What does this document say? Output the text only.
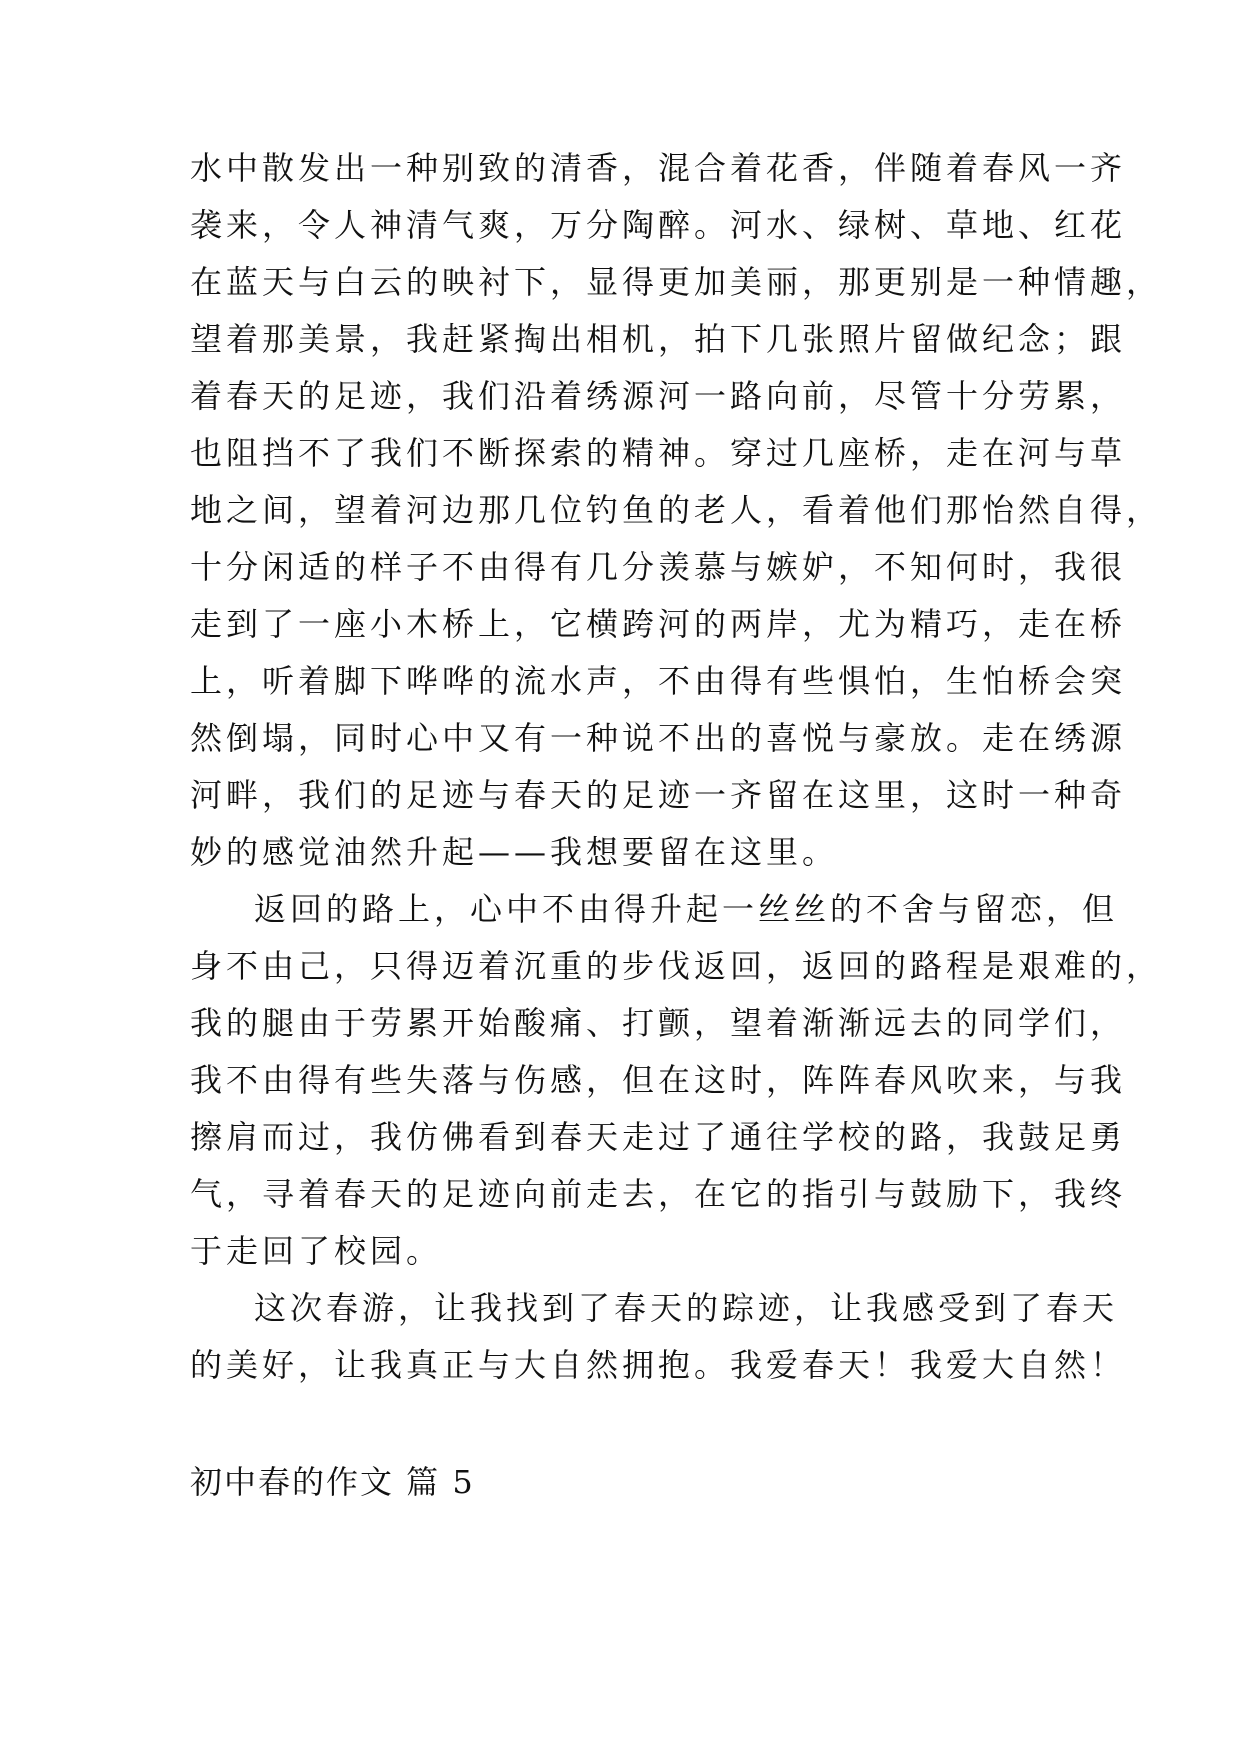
水中散发出一种别致的清香，混合着花香，伴随着春风一齐
袭来，令人神清气爽，万分陶醉。河水、绿树、草地、红花
在蓝天与白云的映衬下，显得更加美丽，那更别是一种情趣，
望着那美景，我赶紧掏出相机，拍下几张照片留做纪念；跟
着春天的足迹，我们沿着绣源河一路向前，尽管十分劳累，
也阻挡不了我们不断探索的精神。穿过几座桥，走在河与草
地之间，望着河边那几位钓鱼的老人，看着他们那怡然自得，
十分闲适的样子不由得有几分羡慕与嫉妒，不知何时，我很
走到了一座小木桥上，它横跨河的两岸，尤为精巧，走在桥
上，听着脚下哗哗的流水声，不由得有些惧怕，生怕桥会突
然倒塌，同时心中又有一种说不出的喜悦与豪放。走在绣源
河畔，我们的足迹与春天的足迹一齐留在这里，这时一种奇
妙的感觉油然升起——我想要留在这里。
返回的路上，心中不由得升起一丝丝的不舍与留恋，但
身不由己，只得迈着沉重的步伐返回，返回的路程是艰难的，
我的腿由于劳累开始酸痛、打颤，望着渐渐远去的同学们，
我不由得有些失落与伤感，但在这时，阵阵春风吹来，与我
擦肩而过，我仿佛看到春天走过了通往学校的路，我鼓足勇
气，寻着春天的足迹向前走去，在它的指引与鼓励下，我终
于走回了校园。
这次春游，让我找到了春天的踪迹，让我感受到了春天
的美好，让我真正与大自然拥抱。我爱春天！我爱大自然！
初中春的作文 篇 5
